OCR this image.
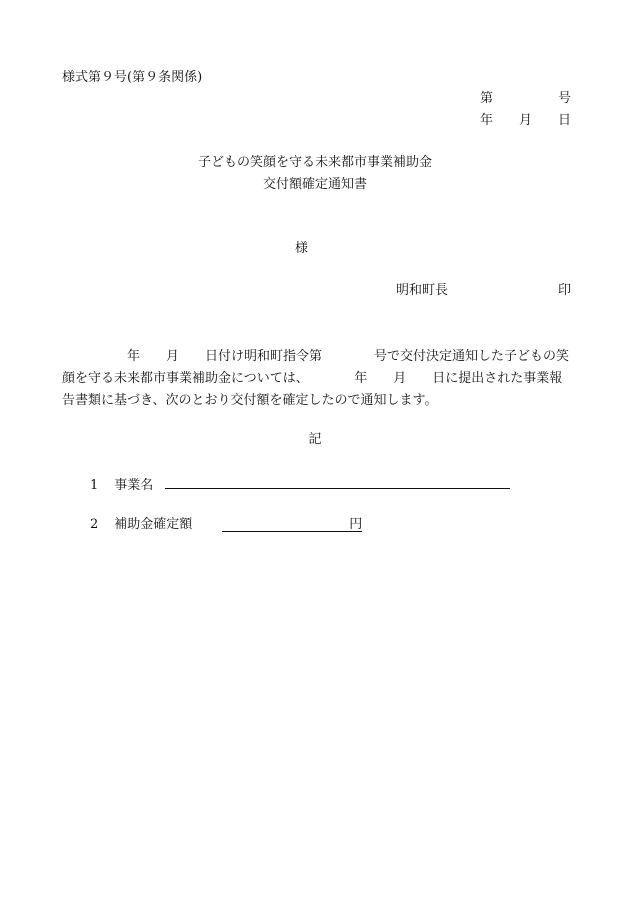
様式第９号(第９条関係)
第　　　　　号
年　　月　　日
子どもの笑顔を守る未来都市事業補助金
交付額確定通知書
様
明和町長	印
　　　　　年　　月　　日付け明和町指令第　　　　号で交付決定通知した子どもの笑顔を守る未来都市事業補助金については、　　　　年　　月　　日に提出された事業報告書類に基づき、次のとおり交付額を確定したので通知します。
記
1 事業名
2 補助金確定額	円
